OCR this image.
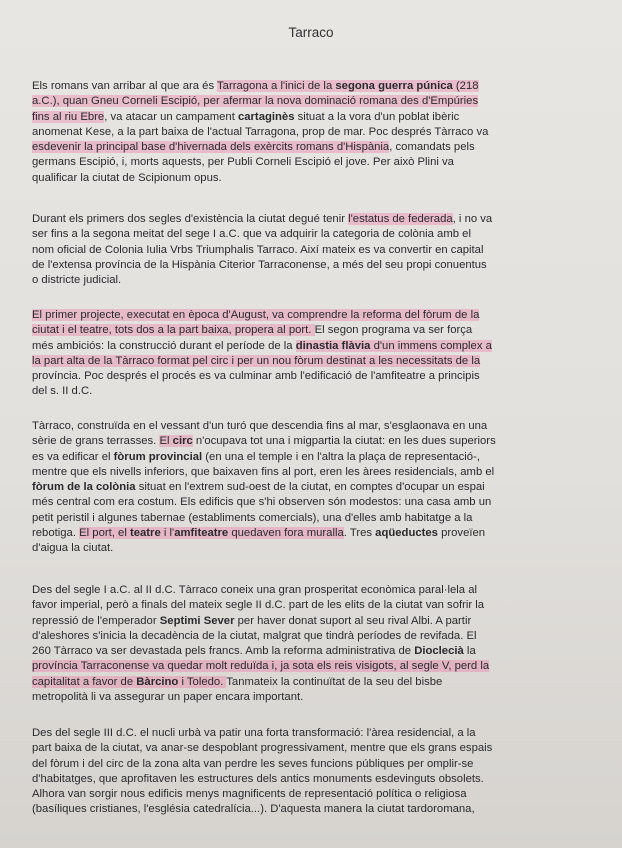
Tarraco
Els romans van arribar al que ara és Tarragona a l'inici de la segona guerra púnica (218
a.C.), quan Gneu Corneli Escipió, per afermar la nova dominació romana des d'Empúries
fins al riu Ebre, va atacar un campament cartaginès situat a la vora d'un poblat ibèric
anomenat Kese, a la part baixa de l'actual Tarragona, prop de mar. Poc després Tàrraco va
esdevenir la principal base d'hivernada dels exèrcits romans d'Hispània, comandats pels
germans Escipió, i, morts aquests, per Publi Corneli Escipió el jove. Per això Plini va
qualificar la ciutat de Scipionum opus.
Durant els primers dos segles d'existència la ciutat degué tenir l'estatus de federada, i no va
ser fins a la segona meitat del sege I a.C. que va adquirir la categoria de colònia amb el
nom oficial de Colonia Iulia Vrbs Triumphalis Tarraco. Així mateix es va convertir en capital
de l'extensa província de la Hispània Citerior Tarraconense, a més del seu propi conuentus
o districte judicial.
El primer projecte, executat en època d'August, va comprendre la reforma del fòrum de la
ciutat i el teatre, tots dos a la part baixa, propera al port. El segon programa va ser força
més ambiciós: la construcció durant el període de la dinastia flàvia d'un immens complex a
la part alta de la Tàrraco format pel circ i per un nou fòrum destinat a les necessitats de la
província. Poc després el procés es va culminar amb l'edificació de l'amfiteatre a principis
del s. II d.C.
Tàrraco, construïda en el vessant d'un turó que descendia fins al mar, s'esglaonava en una
sèrie de grans terrasses. El circ n'ocupava tot una i migpartia la ciutat: en les dues superiors
es va edificar el fòrum provincial (en una el temple i en l'altra la plaça de representació-,
mentre que els nivells inferiors, que baixaven fins al port, eren les àrees residencials, amb el
fòrum de la colònia situat en l'extrem sud-oest de la ciutat, en comptes d'ocupar un espai
més central com era costum. Els edificis que s'hi observen són modestos: una casa amb un
petit peristil i algunes tabernae (establiments comercials), una d'elles amb habitatge a la
rebotiga. El port, el teatre i l'amfiteatre quedaven fora muralla. Tres aqüeductes proveïen
d'aigua la ciutat.
Des del segle I a.C. al II d.C. Tàrraco coneix una gran prosperitat econòmica paral·lela al
favor imperial, però a finals del mateix segle II d.C. part de les elits de la ciutat van sofrir la
repressió de l'emperador Septimi Sever per haver donat suport al seu rival Albi. A partir
d'aleshores s'inicia la decadència de la ciutat, malgrat que tindrà períodes de revifada. El
260 Tàrraco va ser devastada pels francs. Amb la reforma administrativa de Dioclecià la
província Tarraconense va quedar molt reduïda i, ja sota els reis visigots, al segle V, perd la
capitalitat a favor de Bàrcino i Toledo. Tanmateix la continuïtat de la seu del bisbe
metropolità li va assegurar un paper encara important.
Des del segle III d.C. el nucli urbà va patir una forta transformació: l'àrea residencial, a la
part baixa de la ciutat, va anar-se despoblant progressivament, mentre que els grans espais
del fòrum i del circ de la zona alta van perdre les seves funcions públiques per omplir-se
d'habitatges, que aprofitaven les estructures dels antics monuments esdevinguts obsolets.
Alhora van sorgir nous edificis menys magnificents de representació política o religiosa
(basíliques cristianes, l'església catedralícia...). D'aquesta manera la ciutat tardoromana,
